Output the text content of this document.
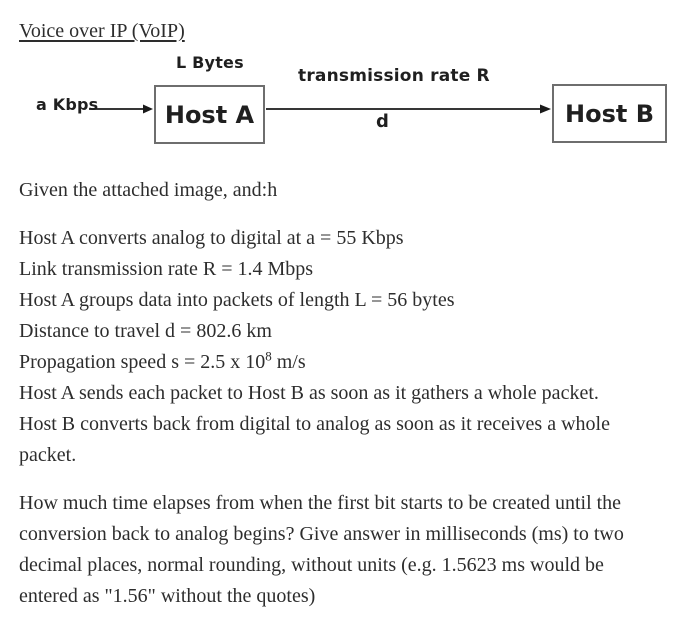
Voice over IP (VoIP)
L Bytes
transmission rate R
a Kbps
d
Host A	Host B

Given the attached image, and:h

Host A converts analog to digital at a = 55 Kbps

Link transmission rate R = 1.4 Mbps

Host A groups data into packets of length L = 56 bytes

Distance to travel d = 802.6 km

Propagation speed s = 2.5 x $10^8$ m/s

Host A sends each packet to Host B as soon as it gathers a whole packet.

Host B converts back from digital to analog as soon as it receives a whole packet.

How much time elapses from when the first bit starts to be created until the conversion back to analog begins? Give answer in milliseconds (ms) to two decimal places, normal rounding, without units (e.g. 1.5623 ms would be entered as "1.56" without the quotes)
